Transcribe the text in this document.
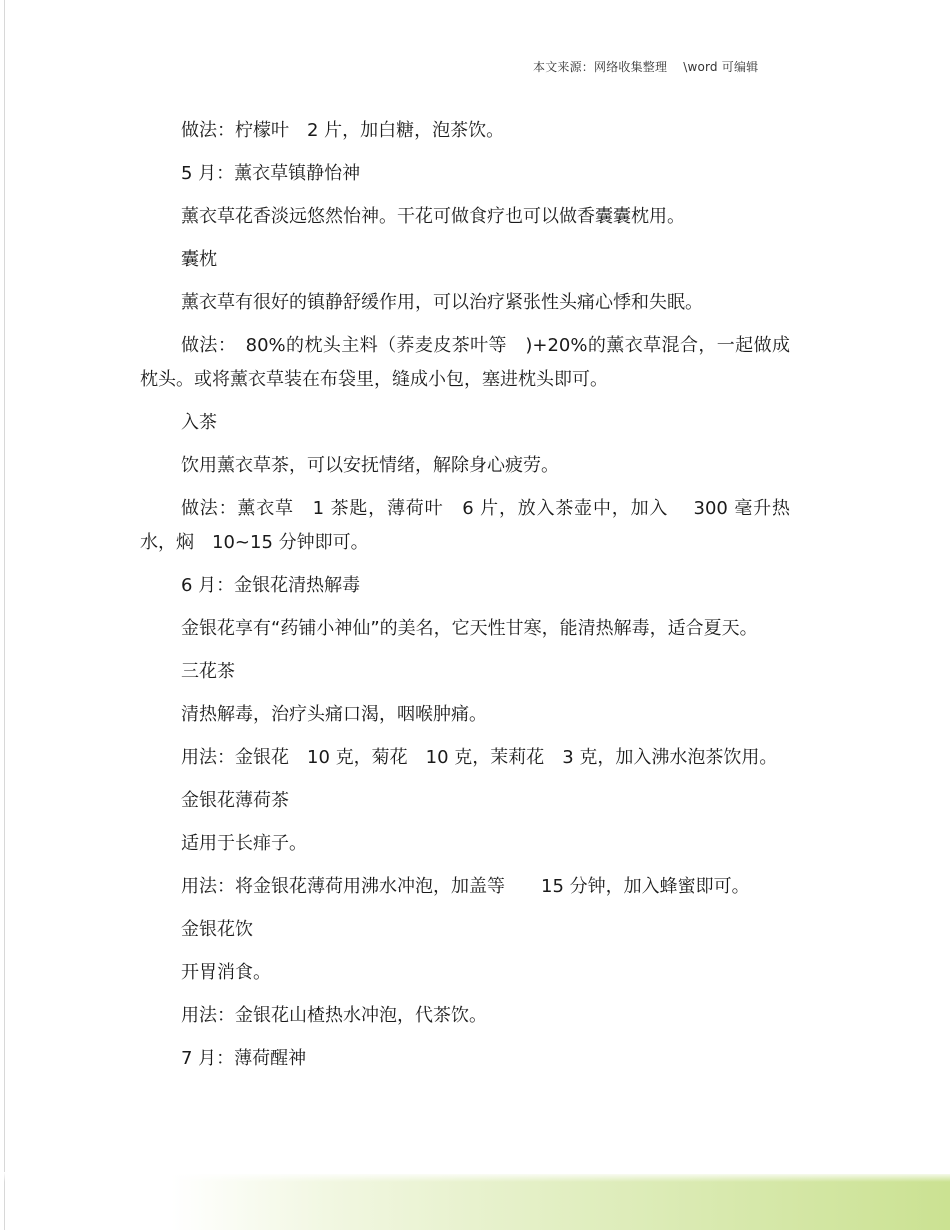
本文来源：网络收集整理 \word 可编辑

做法：柠檬叶　2 片，加白糖，泡茶饮。

5 月：薰衣草镇静怡神

薰衣草花香淡远悠然怡神。干花可做食疗也可以做香囊囊枕用。

囊枕

薰衣草有很好的镇静舒缓作用，可以治疗紧张性头痛心悸和失眠。

做法：　80%的枕头主料（荞麦皮茶叶等　)+20%的薰衣草混合，一起做成枕头。或将薰衣草装在布袋里，缝成小包，塞进枕头即可。

入茶

饮用薰衣草茶，可以安抚情绪，解除身心疲劳。

做法：薰衣草　1 茶匙，薄荷叶　6 片，放入茶壶中，加入　 300 毫升热水，焖　10~15 分钟即可。

6 月：金银花清热解毒

金银花享有“药铺小神仙”的美名，它天性甘寒，能清热解毒，适合夏天。

三花茶

清热解毒，治疗头痛口渴，咽喉肿痛。

用法：金银花　10 克，菊花　10 克，茉莉花　3 克，加入沸水泡茶饮用。

金银花薄荷茶

适用于长痱子。

用法：将金银花薄荷用沸水冲泡，加盖等　　15 分钟，加入蜂蜜即可。

金银花饮

开胃消食。

用法：金银花山楂热水冲泡，代茶饮。

7 月：薄荷醒神
